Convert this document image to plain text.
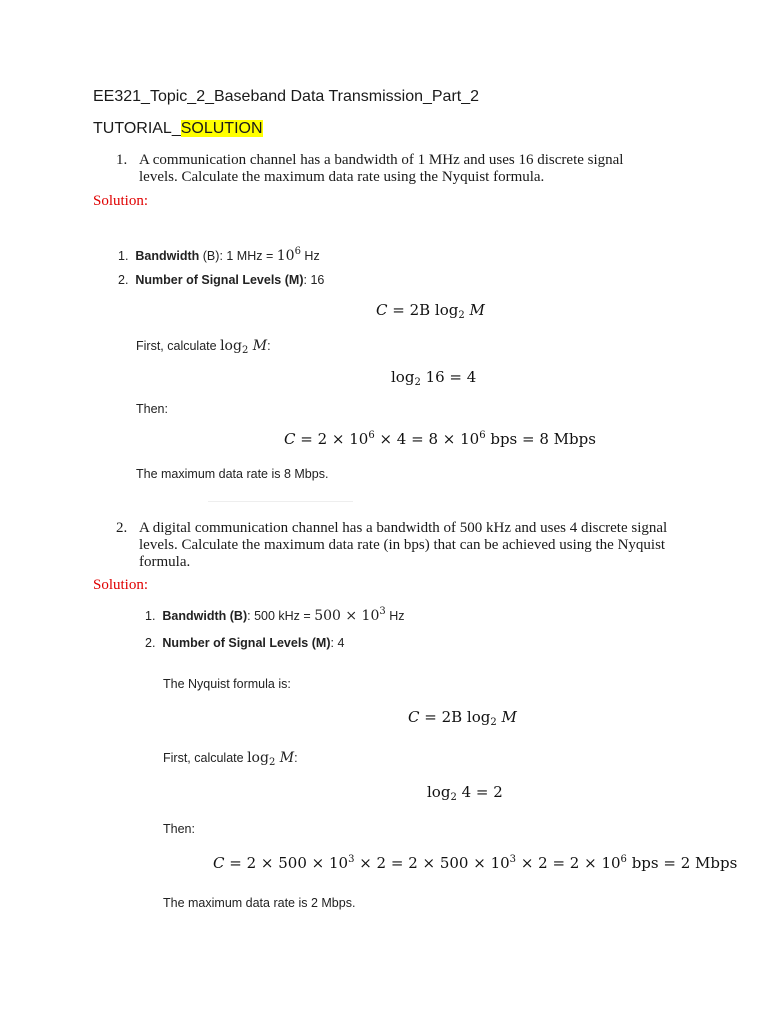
EE321_Topic_2_Baseband Data Transmission_Part_2
TUTORIAL_SOLUTION
1. A communication channel has a bandwidth of 1 MHz and uses 16 discrete signal levels. Calculate the maximum data rate using the Nyquist formula.
Solution:
1. Bandwidth (B): 1 MHz = $10^6$ Hz
2. Number of Signal Levels (M): 16
C = 2B $\log_2 M$
First, calculate $\log_2 M$:
$\log_2 16 = 4$
Then:
$C = 2 \times 10^6 \times 4 = 8 \times 10^6$ bps = 8 Mbps
The maximum data rate is 8 Mbps.
2. A digital communication channel has a bandwidth of 500 kHz and uses 4 discrete signal levels. Calculate the maximum data rate (in bps) that can be achieved using the Nyquist formula.
Solution:
1. Bandwidth (B): 500 kHz = $500 \times 10^3$ Hz
2. Number of Signal Levels (M): 4
The Nyquist formula is:
C = 2B $\log_2 M$
First, calculate $\log_2 M$:
$\log_2 4 = 2$
Then:
$C = 2 \times 500 \times 10^3 \times 2 = 2 \times 500 \times 10^3 \times 2 = 2 \times 10^6$ bps = 2 Mbps
The maximum data rate is 2 Mbps.
